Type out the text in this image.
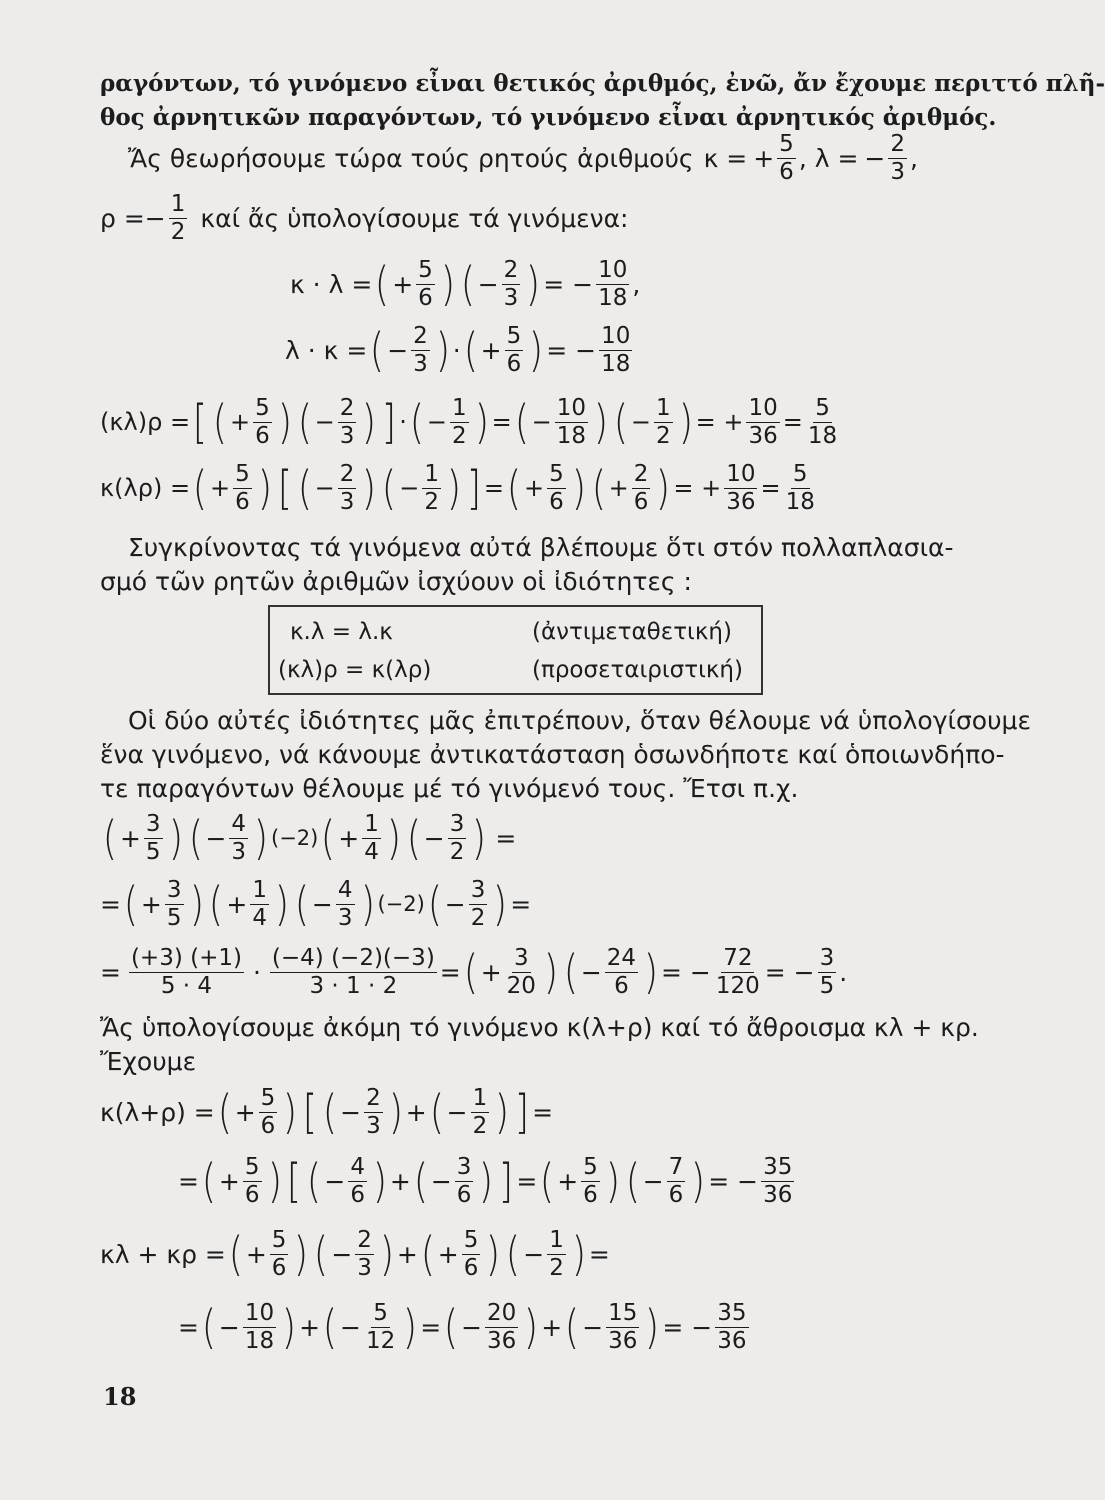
ραγόντων, τό γινόμενο εἶναι θετικός ἀριθμός, ἐνῶ, ἄν ἔχουμε περιττό πλῆ-
θος ἀρνητικῶν παραγόντων, τό γινόμενο εἶναι ἀρνητικός ἀριθμός.
Ἄς θεωρήσουμε τώρα τούς ρητούς ἀριθμούς κ = + $\frac{5}{6}$ , λ = − $\frac{2}{3}$ ,
ρ = − $\frac{1}{2}$ καί ἄς ὑπολογίσουμε τά γινόμενα:
κ · λ = ( + $\frac{5}{6}$ ) ( − $\frac{2}{3}$ ) = − $\frac{10}{18}$ ,
λ · κ = ( − $\frac{2}{3}$ ) · ( + $\frac{5}{6}$ ) = − $\frac{10}{18}$
(κλ)ρ = [ ( + $\frac{5}{6}$ ) ( − $\frac{2}{3}$ ) ] · ( − $\frac{1}{2}$ ) = ( − $\frac{10}{18}$ ) ( − $\frac{1}{2}$ ) = + $\frac{10}{36} = \frac{5}{18}$
κ(λρ) = ( + $\frac{5}{6}$ ) [ ( − $\frac{2}{3}$ ) ( − $\frac{1}{2}$ ) ] = ( + $\frac{5}{6}$ ) ( + $\frac{2}{6}$ ) = + $\frac{10}{36} = \frac{5}{18}$
Συγκρίνοντας τά γινόμενα αὐτά βλέπουμε ὅτι στόν πολλαπλασια-
σμό τῶν ρητῶν ἀριθμῶν ἰσχύουν οἱ ἰδιότητες :
κ.λ = λ.κ	(ἀντιμεταθετική)
(κλ)ρ = κ(λρ)	(προσεταιριστική)
Οἱ δύο αὐτές ἰδιότητες μᾶς ἐπιτρέπουν, ὅταν θέλουμε νά ὑπολογίσουμε
ἕνα γινόμενο, νά κάνουμε ἀντικατάσταση ὁσωνδήποτε καί ὁποιωνδήπο-
τε παραγόντων θέλουμε μέ τό γινόμενό τους. Ἔτσι π.χ.
( + $\frac{3}{5}$ ) ( − $\frac{4}{3}$ ) (−2) ( + $\frac{1}{4}$ ) ( − $\frac{3}{2}$ ) =
= ( + $\frac{3}{5}$ ) ( + $\frac{1}{4}$ ) ( − $\frac{4}{3}$ ) (−2) ( − $\frac{3}{2}$ ) =
= $\frac{(+3) (+1)}{5 \cdot 4} \cdot \frac{(-4) (-2)(-3)}{3 \cdot 1 \cdot 2}$ = ( + $\frac{3}{20}$ ) ( − $\frac{24}{6}$ ) = − $\frac{72}{120}$ = − $\frac{3}{5}$ .
Ἄς ὑπολογίσουμε ἀκόμη τό γινόμενο κ(λ+ρ) καί τό ἄθροισμα κλ + κρ.
Ἔχουμε
κ(λ+ρ) = ( + $\frac{5}{6}$ ) [ ( − $\frac{2}{3}$ ) + ( − $\frac{1}{2}$ ) ] =
= ( + $\frac{5}{6}$ ) [ ( − $\frac{4}{6}$ ) + ( − $\frac{3}{6}$ ) ] = ( + $\frac{5}{6}$ ) ( − $\frac{7}{6}$ ) = − $\frac{35}{36}$
κλ + κρ = ( + $\frac{5}{6}$ ) ( − $\frac{2}{3}$ ) + ( + $\frac{5}{6}$ ) ( − $\frac{1}{2}$ ) =
= ( − $\frac{10}{18}$ ) + ( − $\frac{5}{12}$ ) = ( − $\frac{20}{36}$ ) + ( − $\frac{15}{36}$ ) = − $\frac{35}{36}$
18
